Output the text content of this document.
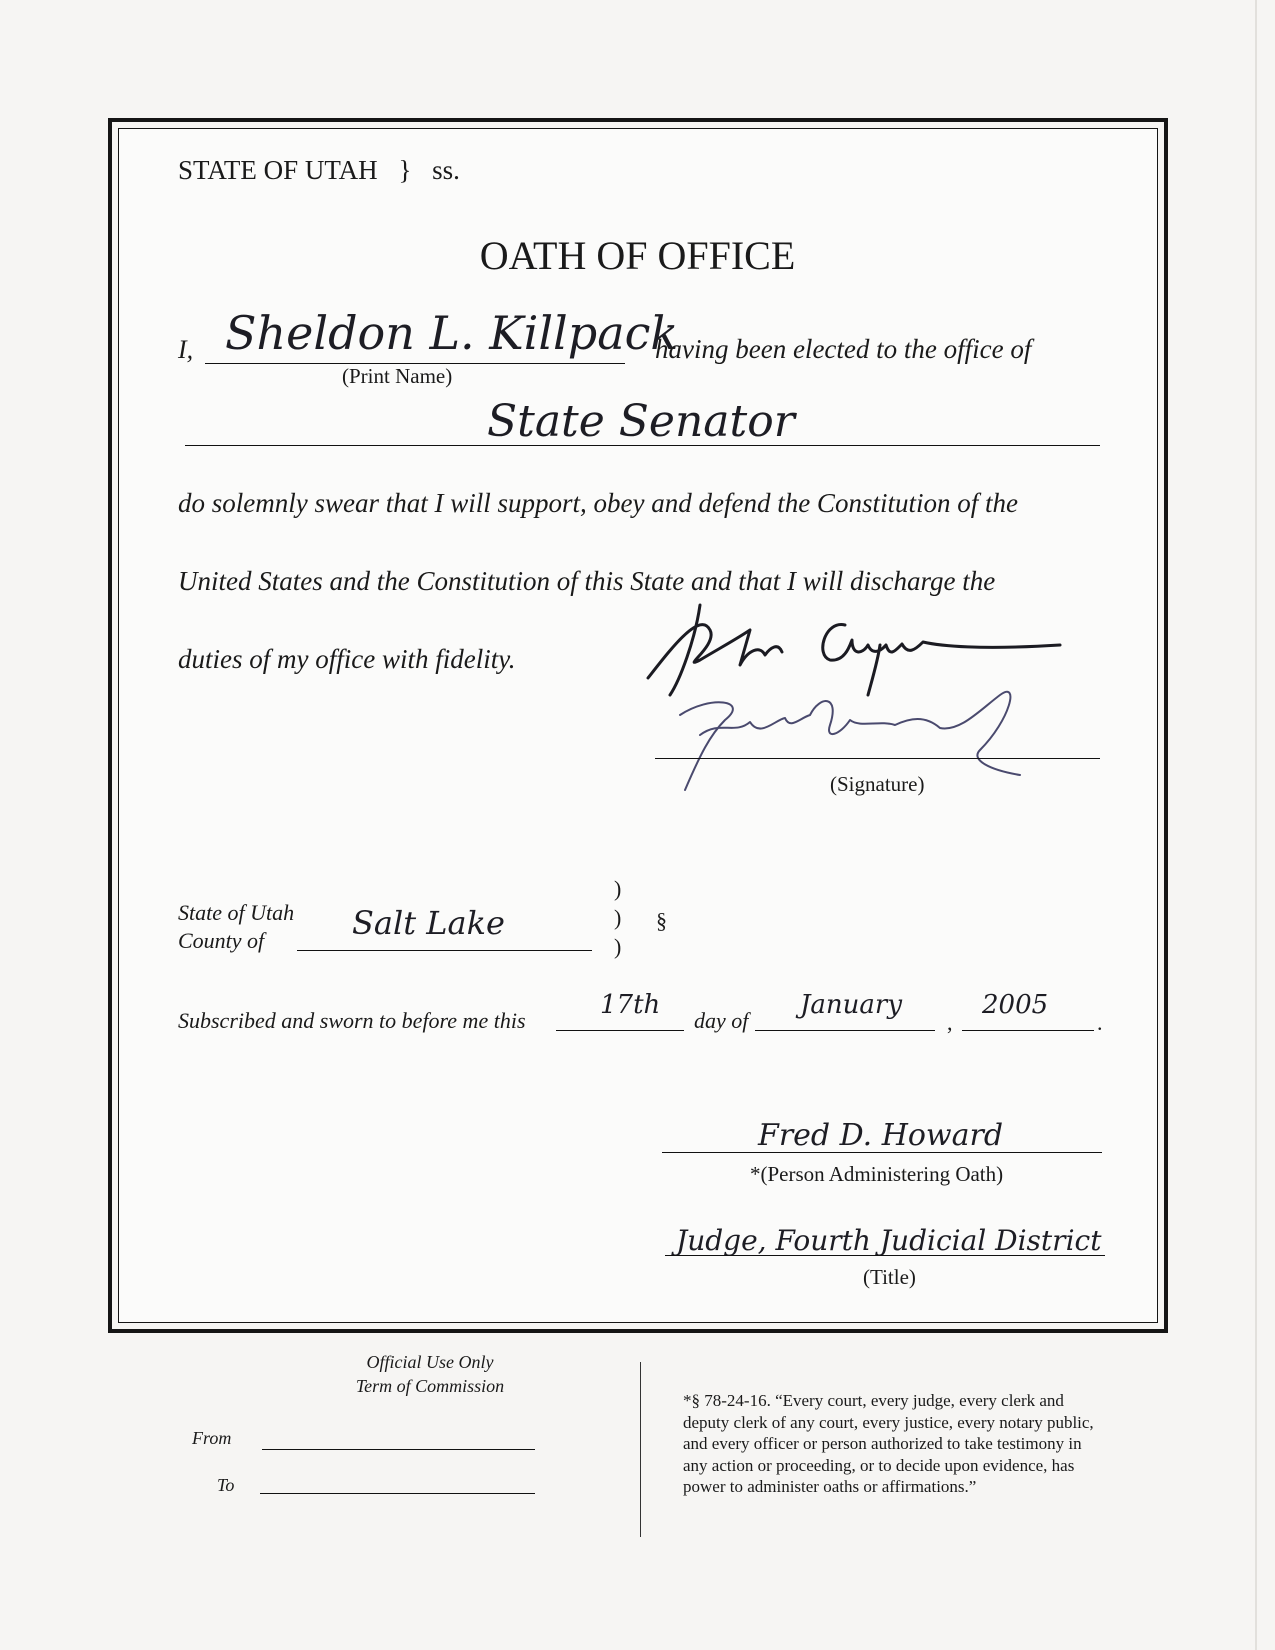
STATE OF UTAH } ss.
OATH OF OFFICE
I, Sheldon L. Killpack
(Print Name)
having been elected to the office of
State Senator
do solemnly swear that I will support, obey and defend the Constitution of the
United States and the Constitution of this State and that I will discharge the
duties of my office with fidelity.
(Signature)
State of Utah
County of	Salt Lake
)
)
)
§
Subscribed and sworn to before me this
17th
day of
January
,
2005
.
Fred D. Howard
*(Person Administering Oath)
Judge, Fourth Judicial District
(Title)
Official Use Only
Term of Commission
From
To
*§ 78-24-16. “Every court, every judge, every clerk and
deputy clerk of any court, every justice, every notary public,
and every officer or person authorized to take testimony in
any action or proceeding, or to decide upon evidence, has
power to administer oaths or affirmations.”
